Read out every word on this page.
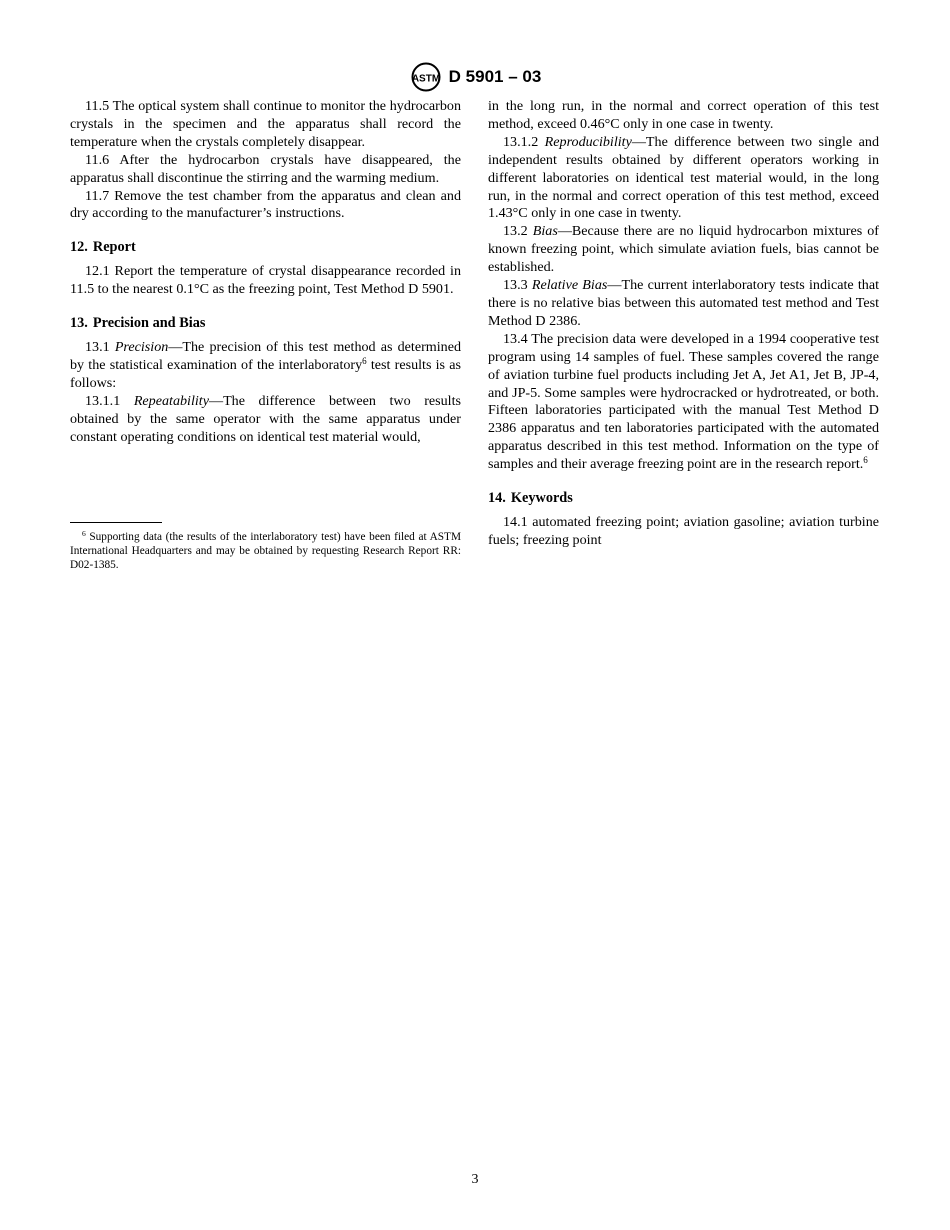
ASTM D 5901 – 03

11.5 The optical system shall continue to monitor the hydrocarbon crystals in the specimen and the apparatus shall record the temperature when the crystals completely disappear.

11.6 After the hydrocarbon crystals have disappeared, the apparatus shall discontinue the stirring and the warming medium.

11.7 Remove the test chamber from the apparatus and clean and dry according to the manufacturer’s instructions.

12. Report

12.1 Report the temperature of crystal disappearance recorded in 11.5 to the nearest 0.1°C as the freezing point, Test Method D 5901.

13. Precision and Bias

13.1 Precision—The precision of this test method as determined by the statistical examination of the interlaboratory$^6$ test results is as follows:

13.1.1 Repeatability—The difference between two results obtained by the same operator with the same apparatus under constant operating conditions on identical test material would,

$^6$ Supporting data (the results of the interlaboratory test) have been filed at ASTM International Headquarters and may be obtained by requesting Research Report RR: D02-1385.

in the long run, in the normal and correct operation of this test method, exceed 0.46°C only in one case in twenty.

13.1.2 Reproducibility—The difference between two single and independent results obtained by different operators working in different laboratories on identical test material would, in the long run, in the normal and correct operation of this test method, exceed 1.43°C only in one case in twenty.

13.2 Bias—Because there are no liquid hydrocarbon mixtures of known freezing point, which simulate aviation fuels, bias cannot be established.

13.3 Relative Bias—The current interlaboratory tests indicate that there is no relative bias between this automated test method and Test Method D 2386.

13.4 The precision data were developed in a 1994 cooperative test program using 14 samples of fuel. These samples covered the range of aviation turbine fuel products including Jet A, Jet A1, Jet B, JP-4, and JP-5. Some samples were hydrocracked or hydrotreated, or both. Fifteen laboratories participated with the manual Test Method D 2386 apparatus and ten laboratories participated with the automated apparatus described in this test method. Information on the type of samples and their average freezing point are in the research report.$^6$

14. Keywords

14.1 automated freezing point; aviation gasoline; aviation turbine fuels; freezing point

3
